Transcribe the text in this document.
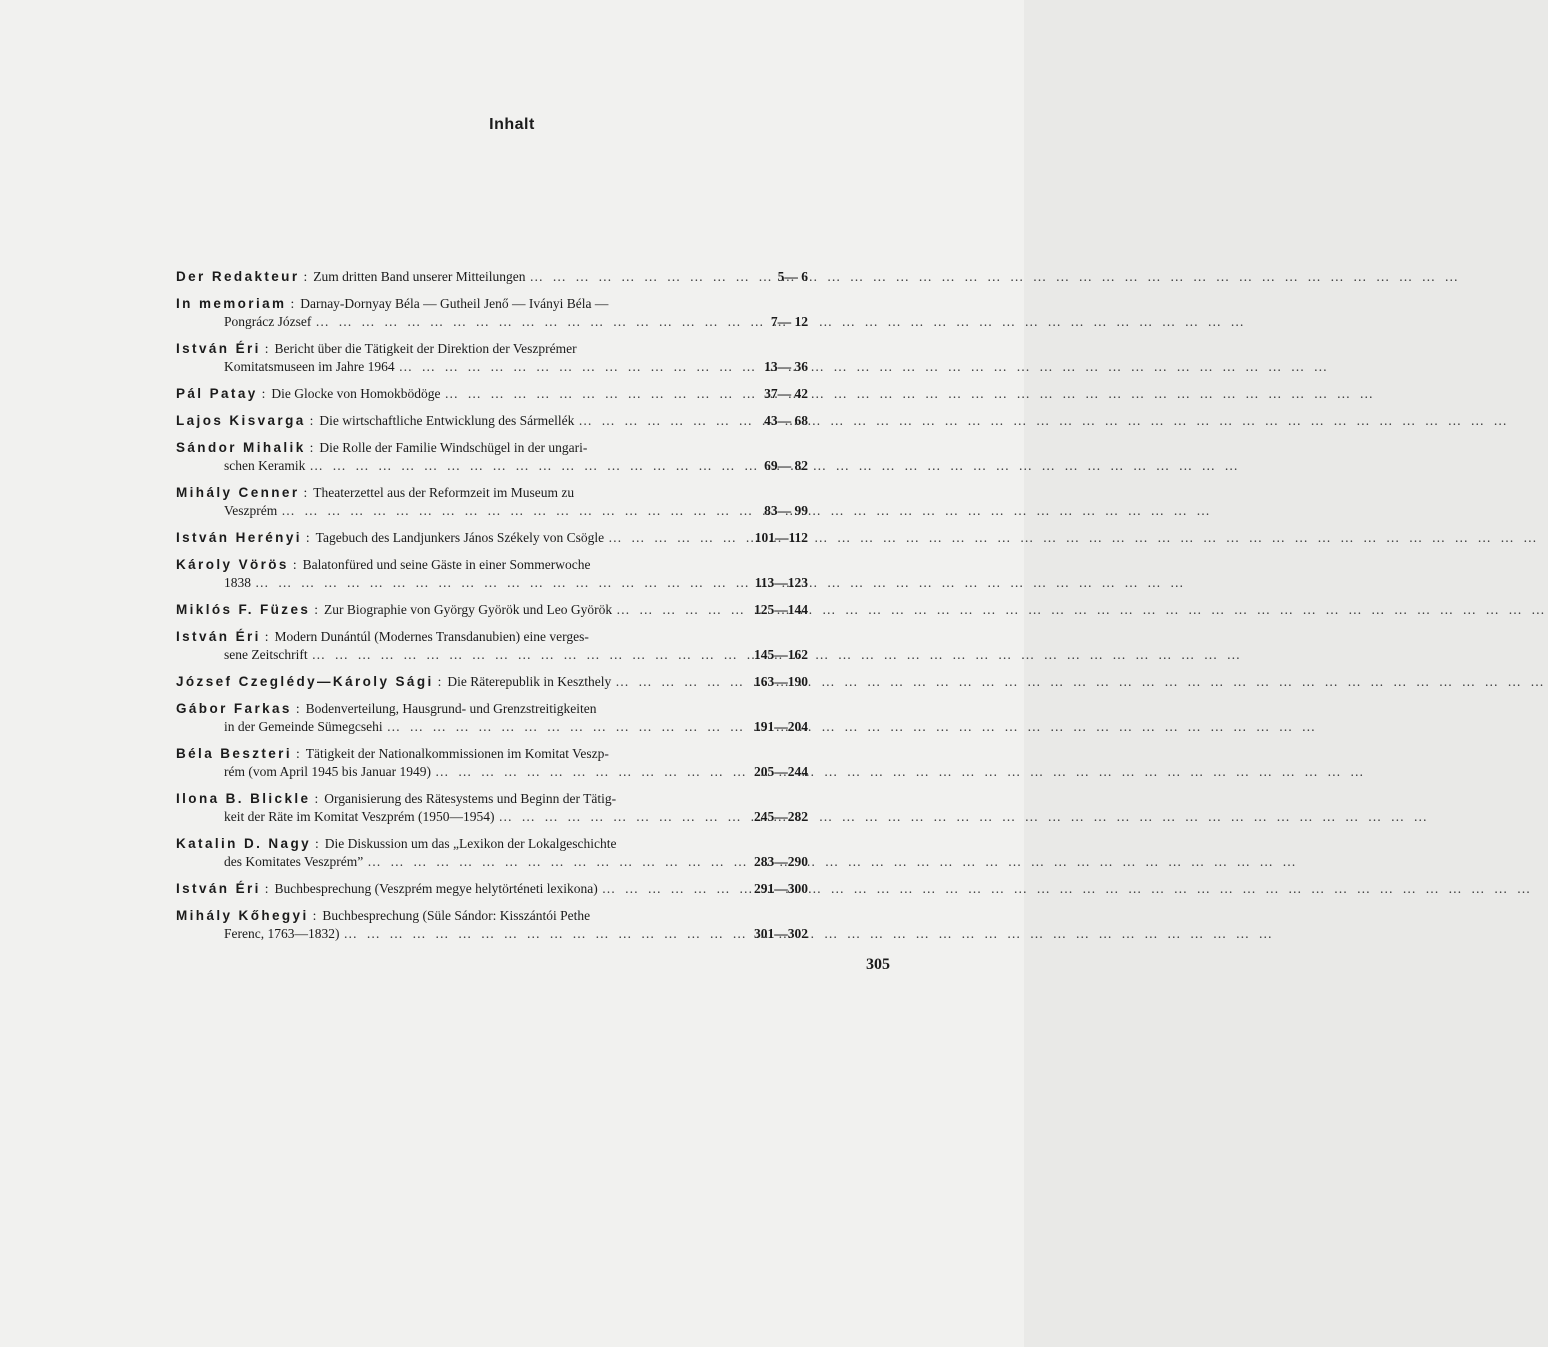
Inhalt
Der Redakteur : Zum dritten Band unserer Mitteilungen … … … … … … … … … … … … … … … … … … … … … … … … … … … … … … … … … … … … … … … … …	5— 6
In memoriam : Darnay-Dornyay Béla — Gutheil Jenő — Iványi Béla —
Pongrácz József … … … … … … … … … … … … … … … … … … … … … … … … … … … … … … … … … … … … … … … … …	7— 12
István Éri : Bericht über die Tätigkeit der Direktion der Veszprémer
Komitatsmuseen im Jahre 1964 … … … … … … … … … … … … … … … … … … … … … … … … … … … … … … … … … … … … … … … … …	13— 36
Pál Patay : Die Glocke von Homokbödöge … … … … … … … … … … … … … … … … … … … … … … … … … … … … … … … … … … … … … … … … …	37— 42
Lajos Kisvarga : Die wirtschaftliche Entwicklung des Sármellék … … … … … … … … … … … … … … … … … … … … … … … … … … … … … … … … … … … … … … … … …	43— 68
Sándor Mihalik : Die Rolle der Familie Windschügel in der ungari-
schen Keramik … … … … … … … … … … … … … … … … … … … … … … … … … … … … … … … … … … … … … … … … …	69— 82
Mihály Cenner : Theaterzettel aus der Reformzeit im Museum zu
Veszprém … … … … … … … … … … … … … … … … … … … … … … … … … … … … … … … … … … … … … … … … …	83— 99
István Herényi : Tagebuch des Landjunkers János Székely von Csögle … … … … … … … … … … … … … … … … … … … … … … … … … … … … … … … … … … … … … … … … …	101—112
Károly Vörös : Balatonfüred und seine Gäste in einer Sommerwoche
1838 … … … … … … … … … … … … … … … … … … … … … … … … … … … … … … … … … … … … … … … … …	113—123
Miklós F. Füzes : Zur Biographie von György Györök und Leo Györök … … … … … … … … … … … … … … … … … … … … … … … … … … … … … … … … … … … … … … … … …	125—144
István Éri : Modern Dunántúl (Modernes Transdanubien) eine verges-
sene Zeitschrift … … … … … … … … … … … … … … … … … … … … … … … … … … … … … … … … … … … … … … … … …	145—162
József Czeglédy—Károly Sági : Die Räterepublik in Keszthely … … … … … … … … … … … … … … … … … … … … … … … … … … … … … … … … … … … … … … … … …	163—190
Gábor Farkas : Bodenverteilung, Hausgrund- und Grenzstreitigkeiten
in der Gemeinde Sümegcsehi … … … … … … … … … … … … … … … … … … … … … … … … … … … … … … … … … … … … … … … … …	191—204
Béla Beszteri : Tätigkeit der Nationalkommissionen im Komitat Veszp-
rém (vom April 1945 bis Januar 1949) … … … … … … … … … … … … … … … … … … … … … … … … … … … … … … … … … … … … … … … … …	205—244
Ilona B. Blickle : Organisierung des Rätesystems und Beginn der Tätig-
keit der Räte im Komitat Veszprém (1950—1954) … … … … … … … … … … … … … … … … … … … … … … … … … … … … … … … … … … … … … … … … …	245—282
Katalin D. Nagy : Die Diskussion um das „Lexikon der Lokalgeschichte
des Komitates Veszprém” … … … … … … … … … … … … … … … … … … … … … … … … … … … … … … … … … … … … … … … … …	283—290
István Éri : Buchbesprechung (Veszprém megye helytörténeti lexikona) … … … … … … … … … … … … … … … … … … … … … … … … … … … … … … … … … … … … … … … … …	291—300
Mihály Kőhegyi : Buchbesprechung (Süle Sándor: Kisszántói Pethe
Ferenc, 1763—1832) … … … … … … … … … … … … … … … … … … … … … … … … … … … … … … … … … … … … … … … … …	301—302
305
